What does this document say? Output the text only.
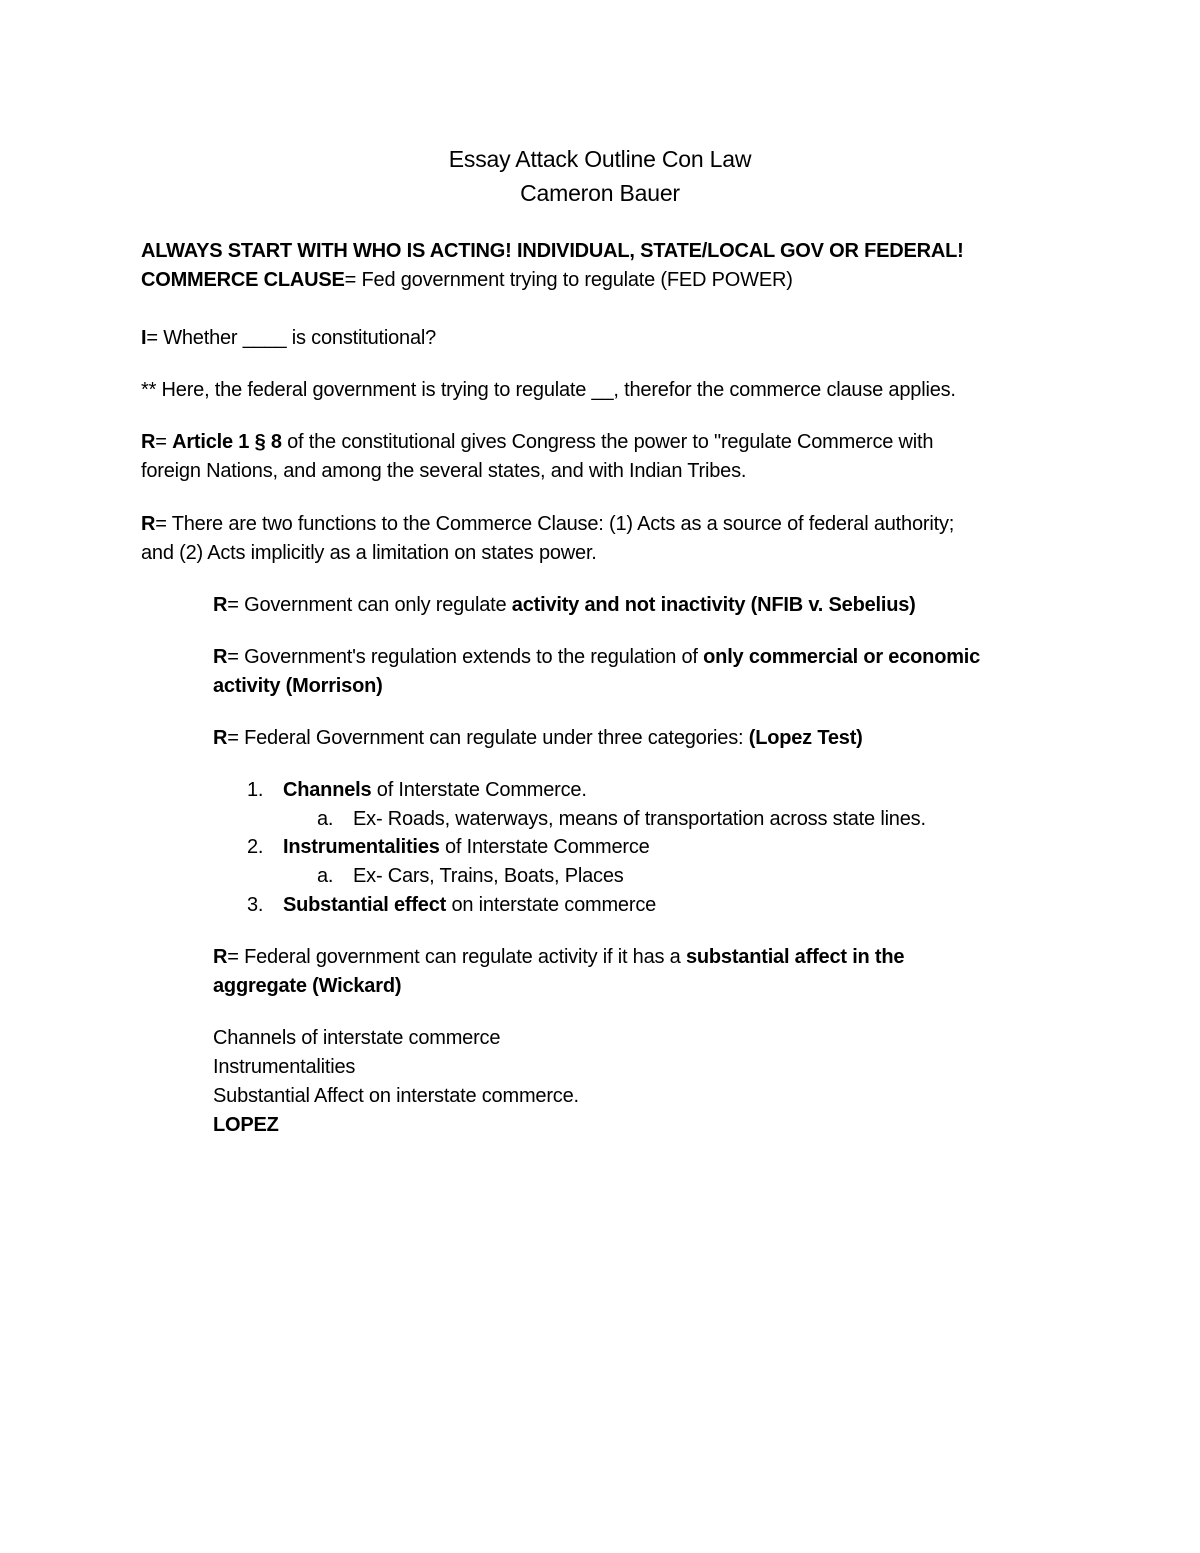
Essay Attack Outline Con Law
Cameron Bauer
ALWAYS START WITH WHO IS ACTING! INDIVIDUAL, STATE/LOCAL GOV OR FEDERAL!
COMMERCE CLAUSE= Fed government trying to regulate (FED POWER)
I= Whether ____ is constitutional?
** Here, the federal government is trying to regulate __, therefor the commerce clause applies.
R= Article 1 § 8 of the constitutional gives Congress the power to "regulate Commerce with
foreign Nations, and among the several states, and with Indian Tribes.
R= There are two functions to the Commerce Clause: (1) Acts as a source of federal authority;
and (2) Acts implicitly as a limitation on states power.
R= Government can only regulate activity and not inactivity (NFIB v. Sebelius)
R= Government's regulation extends to the regulation of only commercial or economic
activity (Morrison)
R= Federal Government can regulate under three categories: (Lopez Test)
1. Channels of Interstate Commerce.
a. Ex- Roads, waterways, means of transportation across state lines.
2. Instrumentalities of Interstate Commerce
a. Ex- Cars, Trains, Boats, Places
3. Substantial effect on interstate commerce
R= Federal government can regulate activity if it has a substantial affect in the
aggregate (Wickard)
Channels of interstate commerce
Instrumentalities
Substantial Affect on interstate commerce.
LOPEZ
